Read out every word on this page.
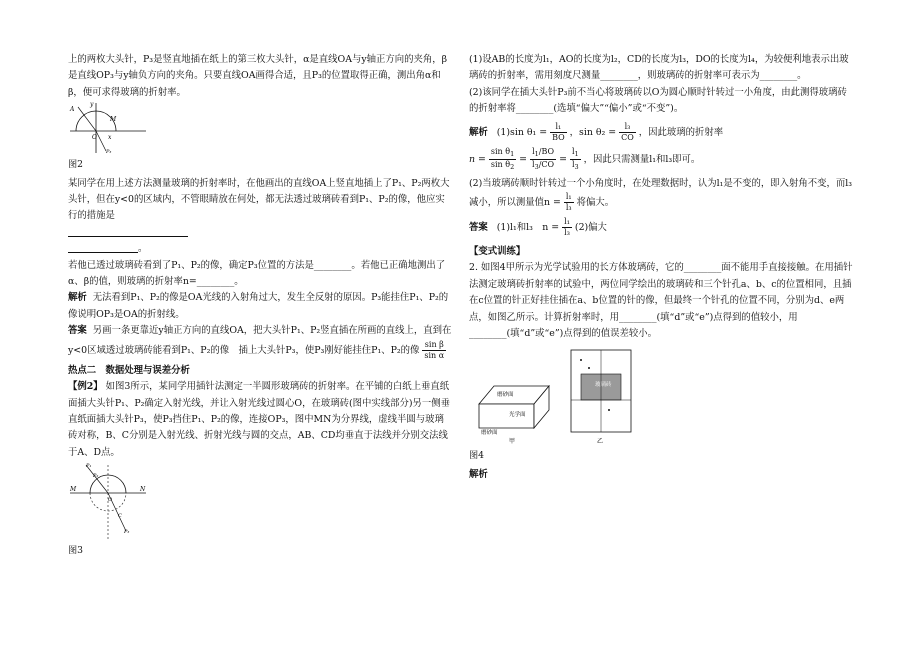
上的两枚大头针，P₃是竖直地插在纸上的第三枚大头针，α是直线OA与y轴正方向的夹角，β是直线OP₃与y轴负方向的夹角。只要直线OA画得合适，且P₃的位置取得正确，测出角α和β，便可求得玻璃的折射率。

A
y
M
O x
P₃

图2

某同学在用上述方法测量玻璃的折射率时，在他画出的直线OA上竖直地插上了P₁、P₂两枚大头针，但在y<0的区域内，不管眼睛放在何处，都无法透过玻璃砖看到P₁、P₂的像，他应实行的措施是

。

若他已透过玻璃砖看到了P₁、P₂的像，确定P₃位置的方法是________。若他已正确地测出了α、β的值，则玻璃的折射率n=________。

解析 无法看到P₁、P₂的像是OA光线的入射角过大，发生全反射的原因。P₃能挂住P₁、P₂的像说明OP₃是OA的折射线。

答案 另画一条更靠近y轴正方向的直线OA，把大头针P₁、P₂竖直插在所画的直线上，直到在y<0区域透过玻璃砖能看到P₁、P₂的像　插上大头针P₃，使P₃刚好能挂住P₁、P₂的像 $\frac{\text{sin β}}{\text{sin α}}$

热点二　数据处理与误差分析

【例2】 如图3所示，某同学用插针法测定一半圆形玻璃砖的折射率。在平铺的白纸上垂直纸面插大头针P₁、P₂确定入射光线，并让入射光线过圆心O，在玻璃砖(图中实线部分)另一侧垂直纸面插大头针P₃，使P₃挡住P₁、P₂的像，连接OP₃，图中MN为分界线，虚线半圆与玻璃砖对称，B、C分别是入射光线、折射光线与圆的交点，AB、CD均垂直于法线并分别交法线于A、D点。

M	N
P₁
P₂
O
C
P₃

图3

(1)设AB的长度为l₁，AO的长度为l₂，CD的长度为l₃，DO的长度为l₄，为较便利地表示出玻璃砖的折射率，需用刻度尺测量________，则玻璃砖的折射率可表示为________。

(2)该同学在插大头针P₃前不当心将玻璃砖以O为圆心顺时针转过一小角度，由此测得玻璃砖的折射率将________(选填“偏大”“偏小”或“不变”)。

解析 (1)sin $\theta_1 = \frac{\text{l₁}}{BO}$ ，$\sin \theta_2 = \frac{\text{l₃}}{CO}$ ，因此玻璃的折射率

$n = \frac{\sin \theta_1}{\sin \theta_2} = \frac{l_1/BO}{l_3/CO} = \frac{l_1}{l_3}$ ，因此只需测量l₁和l₃即可。

(2)当玻璃砖顺时针转过一个小角度时，在处理数据时，认为l₁是不变的，即入射角不变，而l₃减小，所以测量值$n = \frac{\text{l₁}}{\text{l₃}}$ 将偏大。

答案 (1)l₁和l₃　$n = \frac{\text{l₁}}{\text{l₃}} (2)$偏大

【变式训练】

2. 如图4甲所示为光学试验用的长方体玻璃砖，它的________面不能用手直接接触。在用插针法测定玻璃砖折射率的试验中，两位同学绘出的玻璃砖和三个针孔a、b、c的位置相同，且插在c位置的针正好挂住插在a、b位置的针的像，但最终一个针孔的位置不同，分别为d、e两点，如图乙所示。计算折射率时，用________(填“d”或“e”)点得到的值较小，用________(填“d”或“e”)点得到的值误差较小。

磨砂面
光学面
磨砂面
甲
玻璃砖
乙

图4

解析
